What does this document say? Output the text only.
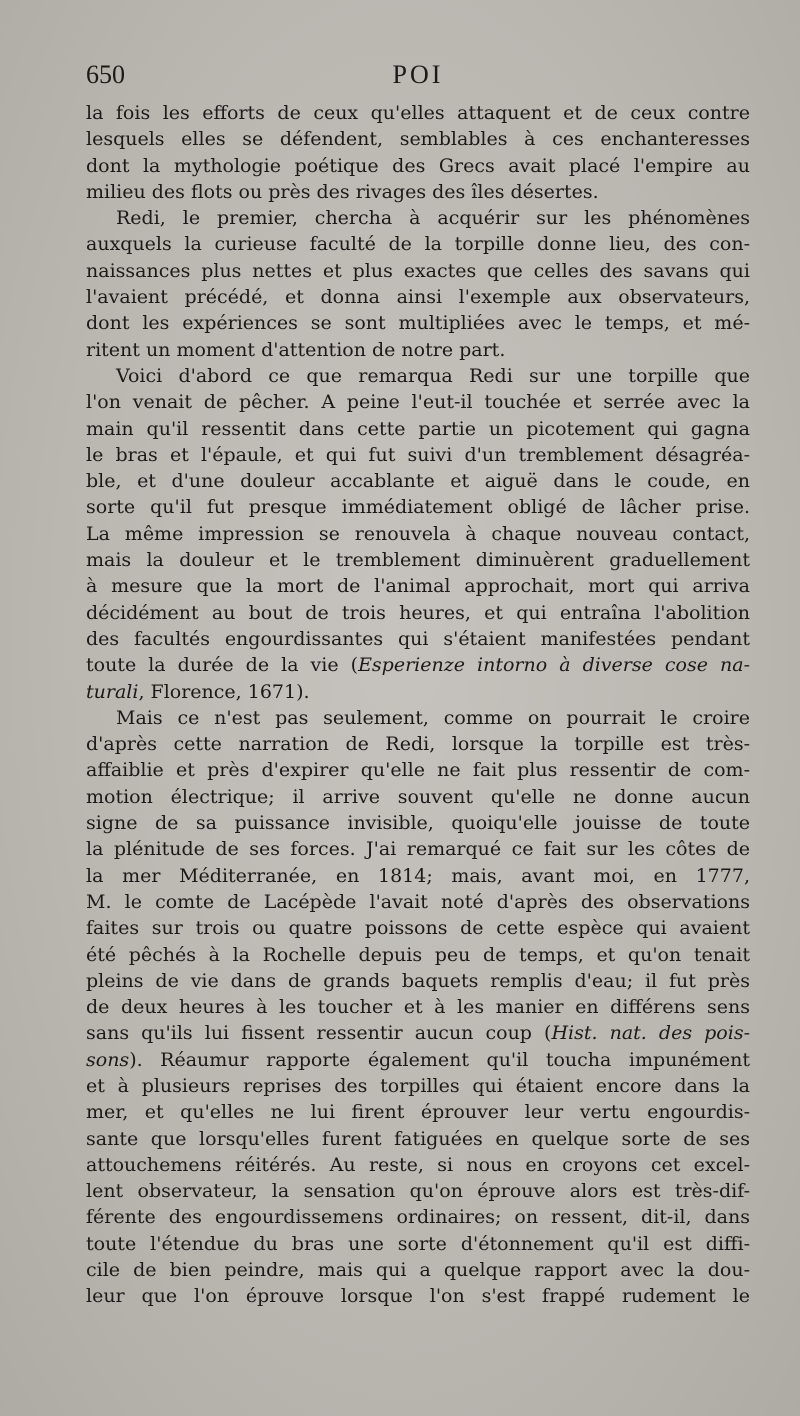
650	POI
la fois les efforts de ceux qu'elles attaquent et de ceux contre
lesquels elles se défendent, semblables à ces enchanteresses
dont la mythologie poétique des Grecs avait placé l'empire au
milieu des flots ou près des rivages des îles désertes.
Redi, le premier, chercha à acquérir sur les phénomènes
auxquels la curieuse faculté de la torpille donne lieu, des con-
naissances plus nettes et plus exactes que celles des savans qui
l'avaient précédé, et donna ainsi l'exemple aux observateurs,
dont les expériences se sont multipliées avec le temps, et mé-
ritent un moment d'attention de notre part.
Voici d'abord ce que remarqua Redi sur une torpille que
l'on venait de pêcher. A peine l'eut-il touchée et serrée avec la
main qu'il ressentit dans cette partie un picotement qui gagna
le bras et l'épaule, et qui fut suivi d'un tremblement désagréa-
ble, et d'une douleur accablante et aiguë dans le coude, en
sorte qu'il fut presque immédiatement obligé de lâcher prise.
La même impression se renouvela à chaque nouveau contact,
mais la douleur et le tremblement diminuèrent graduellement
à mesure que la mort de l'animal approchait, mort qui arriva
décidément au bout de trois heures, et qui entraîna l'abolition
des facultés engourdissantes qui s'étaient manifestées pendant
toute la durée de la vie (Esperienze intorno à diverse cose na-
turali, Florence, 1671).
Mais ce n'est pas seulement, comme on pourrait le croire
d'après cette narration de Redi, lorsque la torpille est très-
affaiblie et près d'expirer qu'elle ne fait plus ressentir de com-
motion électrique; il arrive souvent qu'elle ne donne aucun
signe de sa puissance invisible, quoiqu'elle jouisse de toute
la plénitude de ses forces. J'ai remarqué ce fait sur les côtes de
la mer Méditerranée, en 1814; mais, avant moi, en 1777,
M. le comte de Lacépède l'avait noté d'après des observations
faites sur trois ou quatre poissons de cette espèce qui avaient
été pêchés à la Rochelle depuis peu de temps, et qu'on tenait
pleins de vie dans de grands baquets remplis d'eau; il fut près
de deux heures à les toucher et à les manier en différens sens
sans qu'ils lui fissent ressentir aucun coup (Hist. nat. des pois-
sons). Réaumur rapporte également qu'il toucha impunément
et à plusieurs reprises des torpilles qui étaient encore dans la
mer, et qu'elles ne lui firent éprouver leur vertu engourdis-
sante que lorsqu'elles furent fatiguées en quelque sorte de ses
attouchemens réitérés. Au reste, si nous en croyons cet excel-
lent observateur, la sensation qu'on éprouve alors est très-dif-
férente des engourdissemens ordinaires; on ressent, dit-il, dans
toute l'étendue du bras une sorte d'étonnement qu'il est diffi-
cile de bien peindre, mais qui a quelque rapport avec la dou-
leur que l'on éprouve lorsque l'on s'est frappé rudement le
